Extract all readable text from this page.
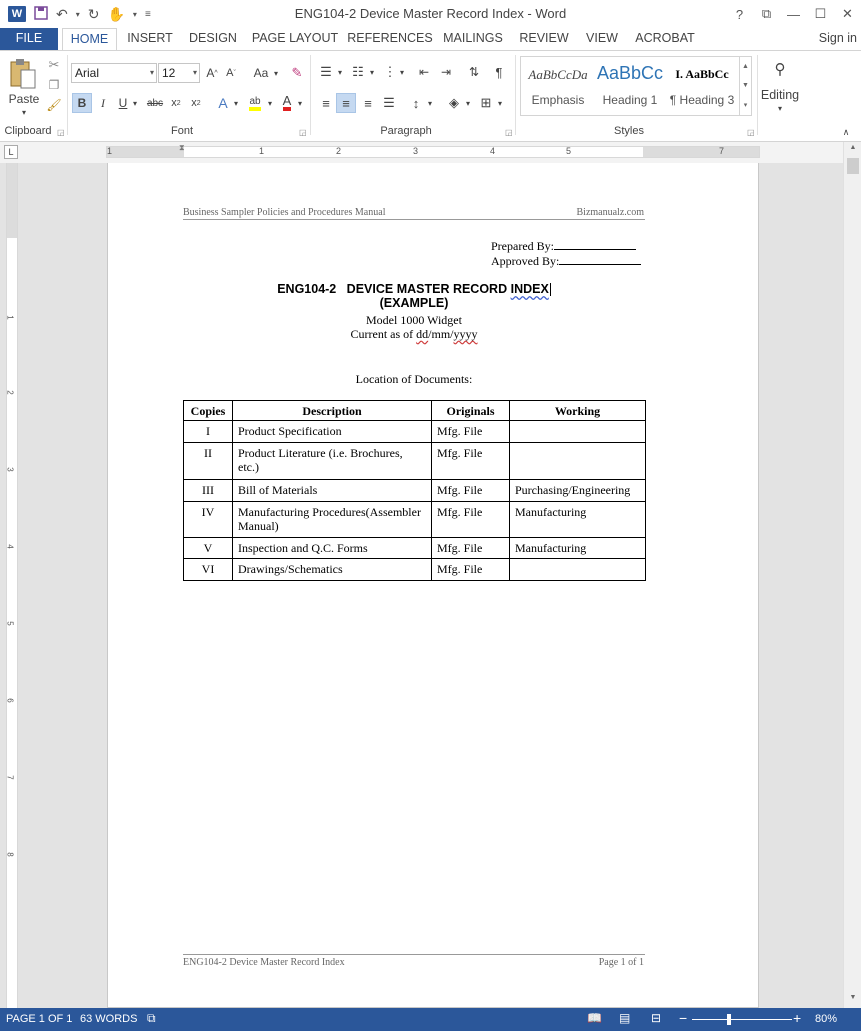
W ↶ ▾ ↻ ✋ ▾ ≡	ENG104-2 Device Master Record Index - Word	?	⧉	—	☐	✕
FILE	HOME	INSERT	DESIGN	PAGE LAYOUT REFERENCES MAILINGS	REVIEW	VIEW	ACROBAT	Sign in
Paste
▾
✂
❐
🖌
Clipboard ◲
Arial	▾ 12 ▾ A ^ A ˇ	Aa ▾ ✎
B	I	U ▾ abc x 2 x 2	A ▾ ab ▾ A ▾
Font	◲
☰ ▾ ☷ ▾ ⋮ ▾	⇤ ⇥	⇅	¶
≡ ≡	≡ ☰	↕	▾	◈ ▾ ⊞ ▾
Paragraph	◲
AaBbCcDa
Emphasis
AaBbCc
Heading 1
I. AaBbCc
¶ Heading 3
▲
▼
▾
Styles	◲
⚲
Editing
▾
∧
L	1	1	2	3	4	5	7
⧗
1
2
3
4
5
6
7
8
▲
▼
Business Sampler Policies and Procedures Manual	Bizmanualz.com
Prepared By:
Approved By:
ENG104-2   DEVICE MASTER RECORD INDEX
(EXAMPLE)
Model 1000 Widget
Current as of dd/mm/yyyy
Location of Documents:
Copies	Description	Originals	Working
I	Product Specification	Mfg. File	
II	Product Literature (i.e. Brochures, etc.)	Mfg. File	
III	Bill of Materials	Mfg. File	Purchasing/Engineering
IV	Manufacturing Procedures(Assembler Manual)	Mfg. File	Manufacturing
V	Inspection and Q.C. Forms	Mfg. File	Manufacturing
VI	Drawings/Schematics	Mfg. File	
ENG104-2 Device Master Record Index	Page 1 of 1
PAGE 1 OF 1 63 WORDS ⧉	📖 ▤ ⊟ −	+ 80%
